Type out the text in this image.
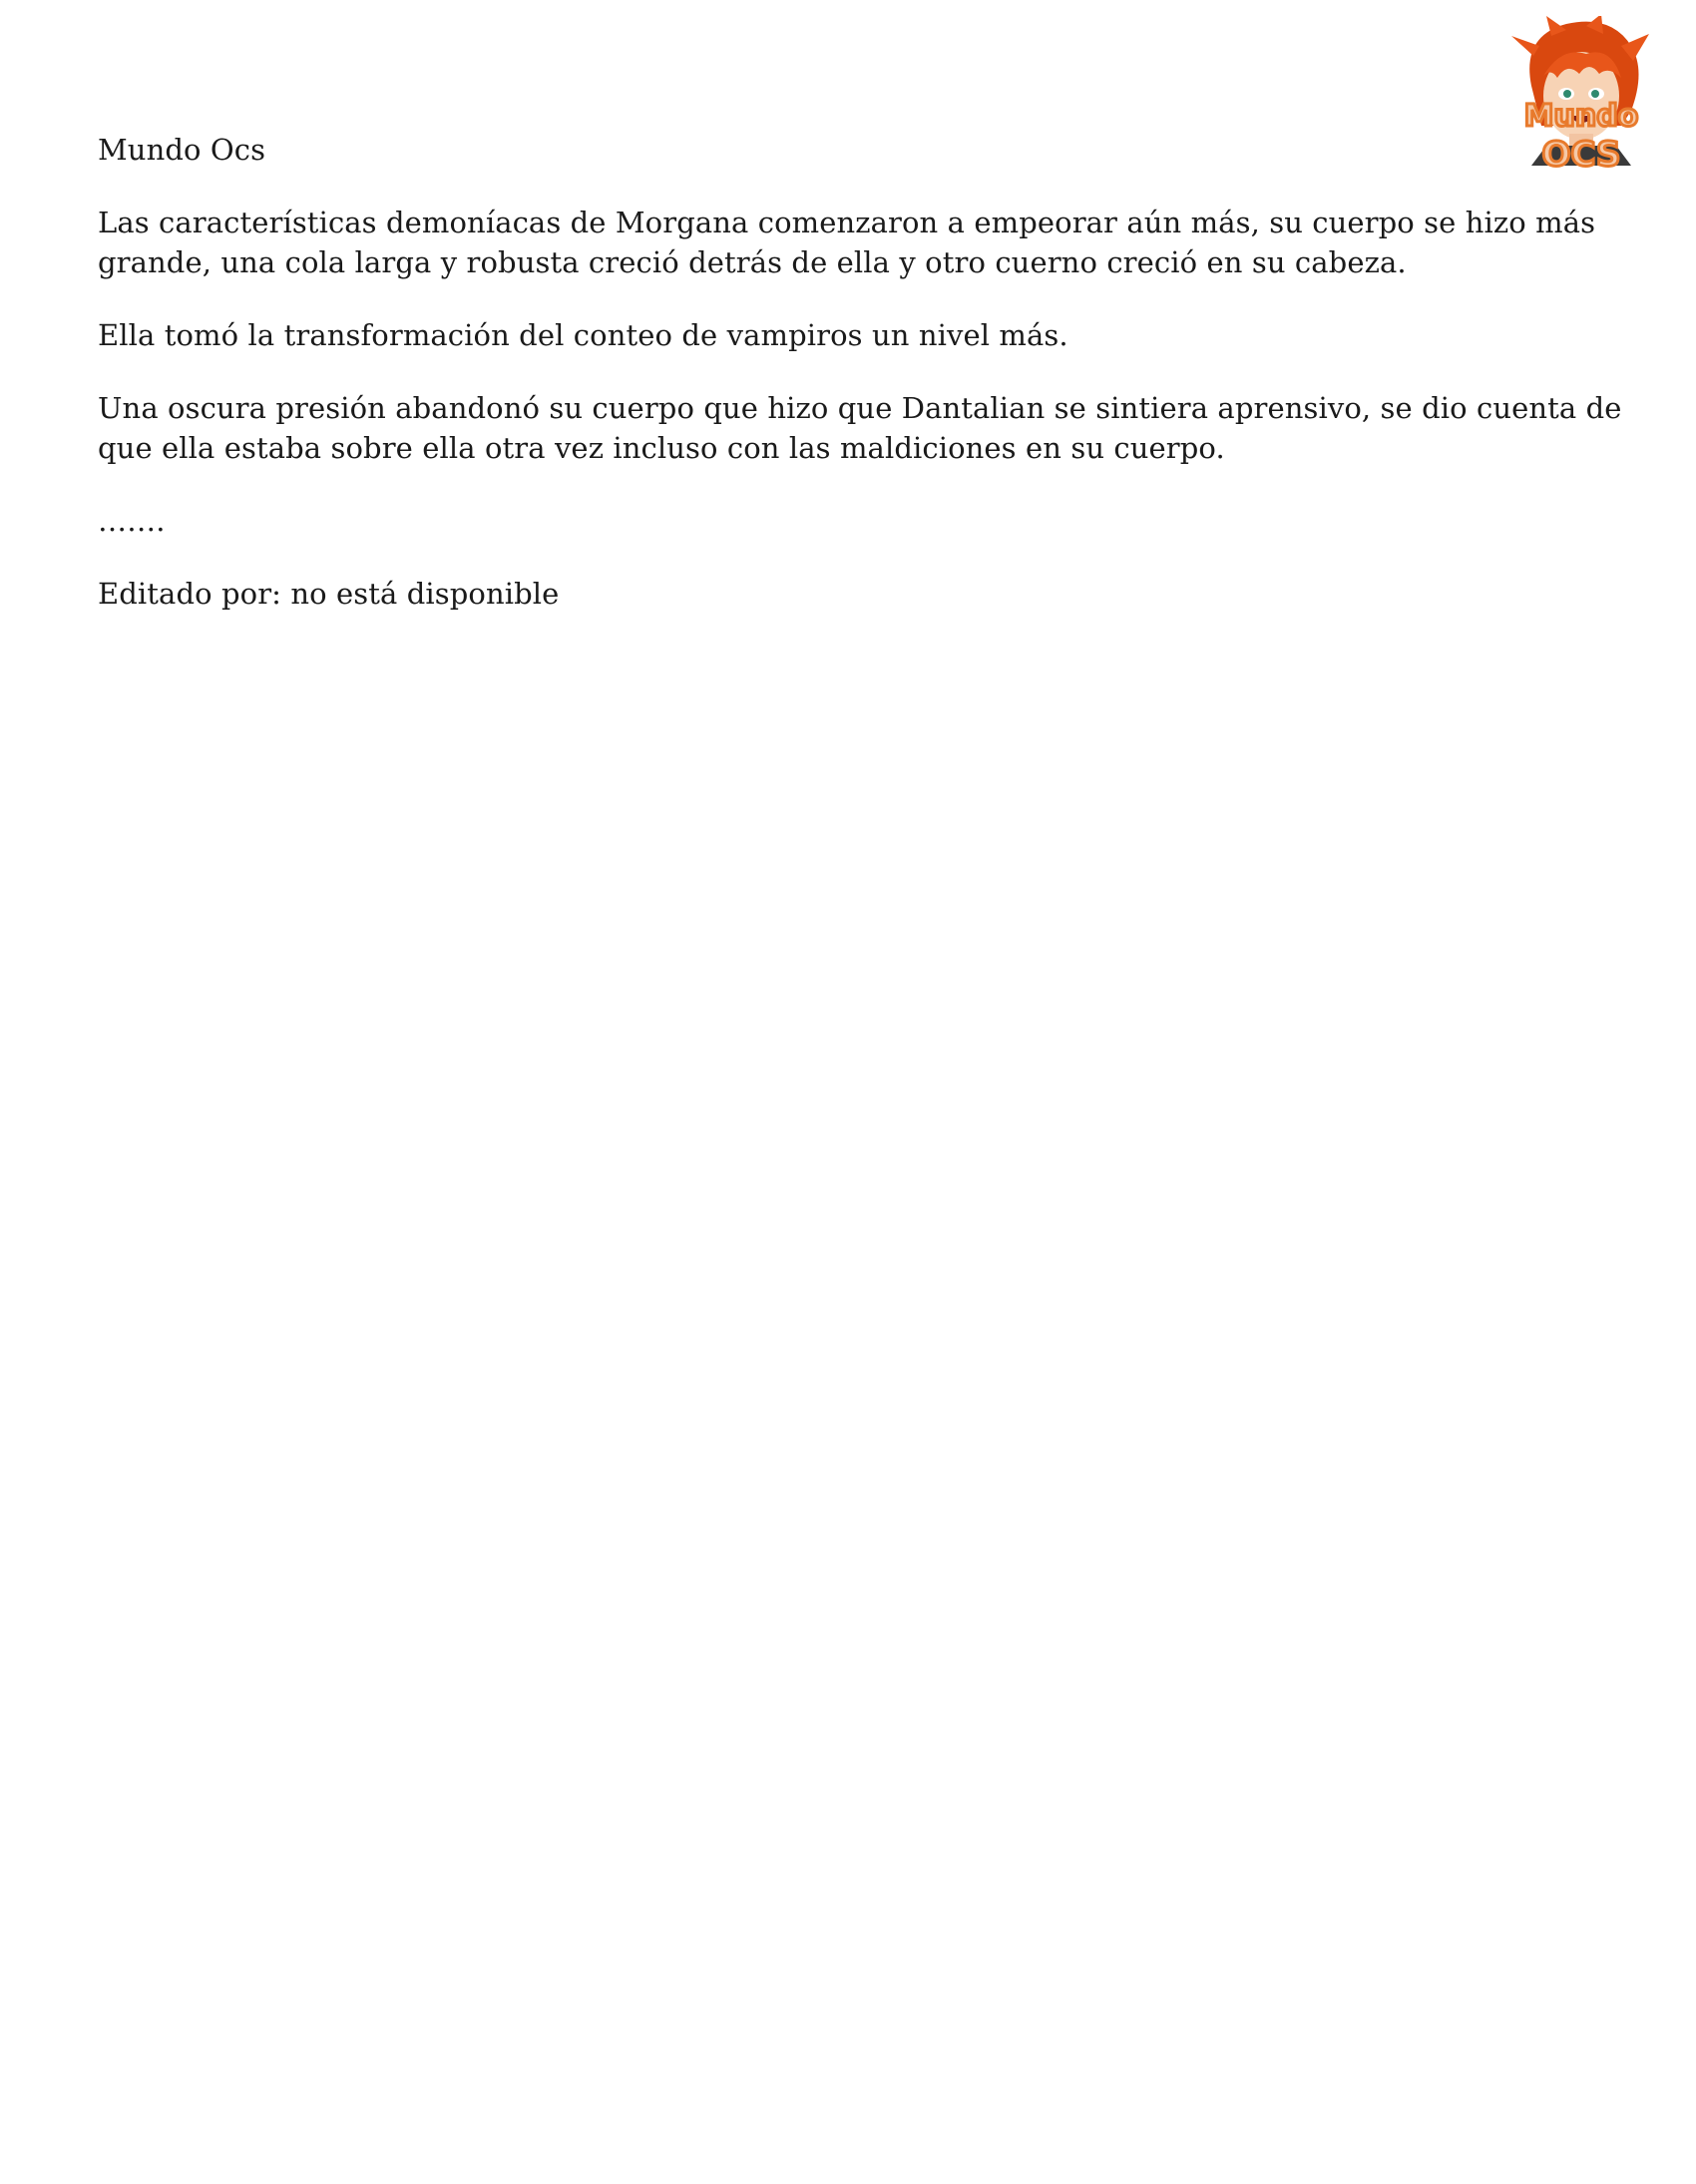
Mundo Ocs

Las características demoníacas de Morgana comenzaron a empeorar aún más, su cuerpo se hizo más grande, una cola larga y robusta creció detrás de ella y otro cuerno creció en su cabeza.

Ella tomó la transformación del conteo de vampiros un nivel más.

Una oscura presión abandonó su cuerpo que hizo que Dantalian se sintiera aprensivo, se dio cuenta de que ella estaba sobre ella otra vez incluso con las maldiciones en su cuerpo.

…….

Editado por: no está disponible

Mundo
OCS
